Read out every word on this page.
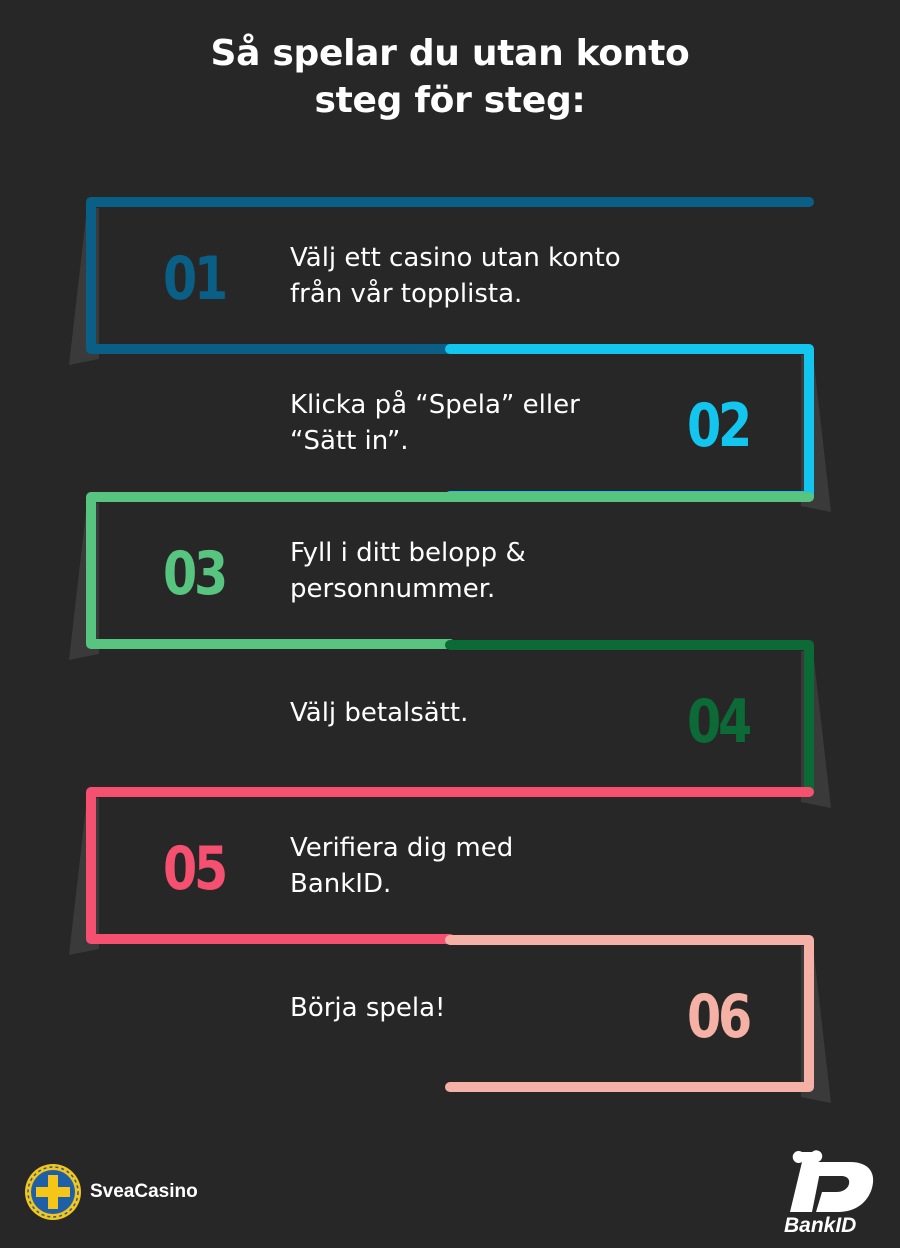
Så spelar du utan konto
steg för steg:
01	Välj ett casino utan konto
från vår topplista.
02
Klicka på “Spela” eller
“Sätt in”.
03	Fyll i ditt belopp &
personnummer.
04
Välj betalsätt.
05	Verifiera dig med
BankID.
06
Börja spela!
SveaCasino
BankID
